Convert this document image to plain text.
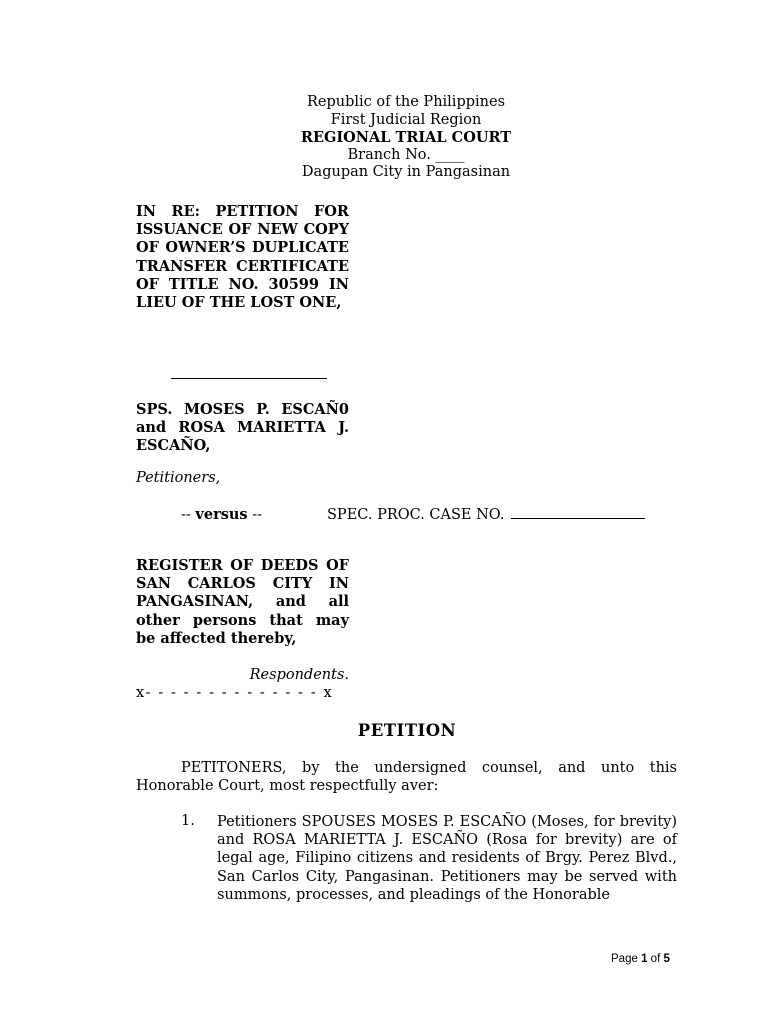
Republic of the Philippines
First Judicial Region
REGIONAL TRIAL COURT
Branch No. ____
Dagupan City in Pangasinan
IN RE: PETITION FOR ISSUANCE OF NEW COPY OF OWNER’S DUPLICATE TRANSFER CERTIFICATE OF TITLE NO. 30599 IN LIEU OF THE LOST ONE,
SPS. MOSES P. ESCAÑ0 and ROSA MARIETTA J. ESCAÑO,
Petitioners,
-- versus --	SPEC. PROC. CASE NO.
REGISTER OF DEEDS OF SAN CARLOS CITY IN PANGASINAN, and all other persons that may be affected thereby,
Respondents.
x- - - - - - - - - - - - - - x
PETITION
PETITONERS, by the undersigned counsel, and unto this Honorable Court, most respectfully aver:
1. Petitioners SPOUSES MOSES P. ESCAÑO (Moses, for brevity) and ROSA MARIETTA J. ESCAÑO (Rosa for brevity) are of legal age, Filipino citizens and residents of Brgy. Perez Blvd., San Carlos City, Pangasinan. Petitioners may be served with summons, processes, and pleadings of the Honorable
Page 1 of 5
